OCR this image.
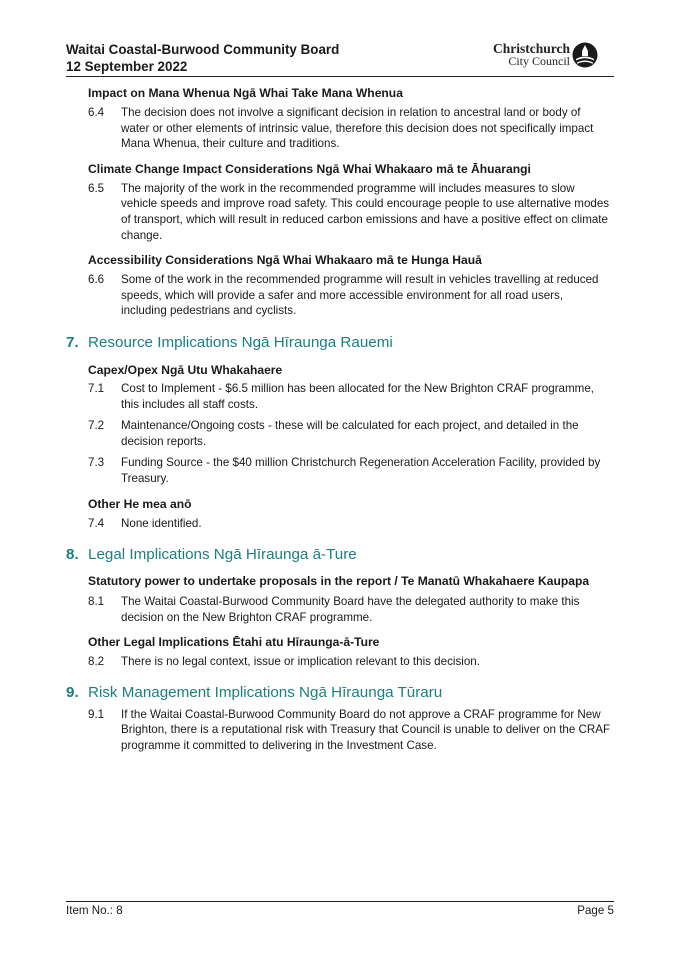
Waitai Coastal-Burwood Community Board
12 September 2022
Christchurch
City Council
Impact on Mana Whenua Ngā Whai Take Mana Whenua
6.4	The decision does not involve a significant decision in relation to ancestral land or body of water or other elements of intrinsic value, therefore this decision does not specifically impact Mana Whenua, their culture and traditions.
Climate Change Impact Considerations Ngā Whai Whakaaro mā te Āhuarangi
6.5	The majority of the work in the recommended programme will includes measures to slow vehicle speeds and improve road safety. This could encourage people to use alternative modes of transport, which will result in reduced carbon emissions and have a positive effect on climate change.
Accessibility Considerations Ngā Whai Whakaaro mā te Hunga Hauā
6.6	Some of the work in the recommended programme will result in vehicles travelling at reduced speeds, which will provide a safer and more accessible environment for all road users, including pedestrians and cyclists.
7. Resource Implications Ngā Hīraunga Rauemi
Capex/Opex Ngā Utu Whakahaere
7.1	Cost to Implement - $6.5 million has been allocated for the New Brighton CRAF programme, this includes all staff costs.
7.2	Maintenance/Ongoing costs - these will be calculated for each project, and detailed in the decision reports.
7.3	Funding Source - the $40 million Christchurch Regeneration Acceleration Facility, provided by Treasury.
Other He mea anō
7.4	None identified.
8. Legal Implications Ngā Hīraunga ā-Ture
Statutory power to undertake proposals in the report / Te Manatū Whakahaere Kaupapa
8.1	The Waitai Coastal-Burwood Community Board have the delegated authority to make this decision on the New Brighton CRAF programme.
Other Legal Implications Ētahi atu Hīraunga-ā-Ture
8.2	There is no legal context, issue or implication relevant to this decision.
9. Risk Management Implications Ngā Hīraunga Tūraru
9.1	If the Waitai Coastal-Burwood Community Board do not approve a CRAF programme for New Brighton, there is a reputational risk with Treasury that Council is unable to deliver on the CRAF programme it committed to delivering in the Investment Case.
Item No.: 8	Page 5
